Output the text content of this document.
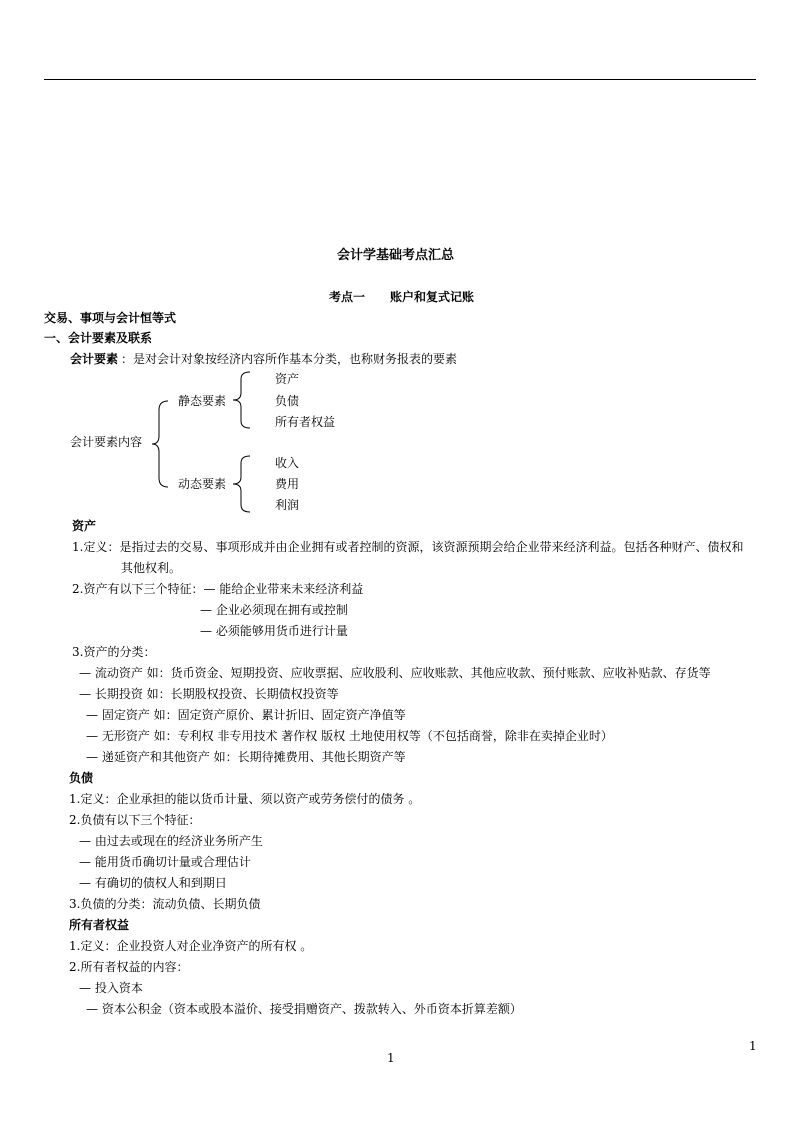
会计学基础考点汇总
考点一 账户和复式记账
交易、事项与会计恒等式
一、会计要素及联系
会计要素 ：是对会计对象按经济内容所作基本分类，也称财务报表的要素
会计要素内容
静态要素
资产
负债
所有者权益
动态要素
收入
费用
利润
资产
1.定义：是指过去的交易、事项形成并由企业拥有或者控制的资源，该资源预期会给企业带来经济利益。包括各种财产、债权和
其他权利。
2.资产有以下三个特征：— 能给企业带来未来经济利益
— 企业必须现在拥有或控制
— 必须能够用货币进行计量
3.资产的分类：
— 流动资产 如：货币资金、短期投资、应收票据、应收股利、应收账款、其他应收款、预付账款、应收补贴款、存货等
— 长期投资 如：长期股权投资、长期债权投资等
— 固定资产 如：固定资产原价、累计折旧、固定资产净值等
— 无形资产 如：专利权 非专用技术 著作权 版权 土地使用权等（不包括商誉，除非在卖掉企业时）
— 递延资产和其他资产 如：长期待摊费用、其他长期资产等
负债
1.定义：企业承担的能以货币计量、须以资产或劳务偿付的债务 。
2.负债有以下三个特征：
— 由过去或现在的经济业务所产生
— 能用货币确切计量或合理估计
— 有确切的债权人和到期日
3.负债的分类：流动负债、长期负债
所有者权益
1.定义：企业投资人对企业净资产的所有权 。
2.所有者权益的内容：
— 投入资本
— 资本公积金（资本或股本溢价、接受捐赠资产、拨款转入、外币资本折算差额）
1
1
